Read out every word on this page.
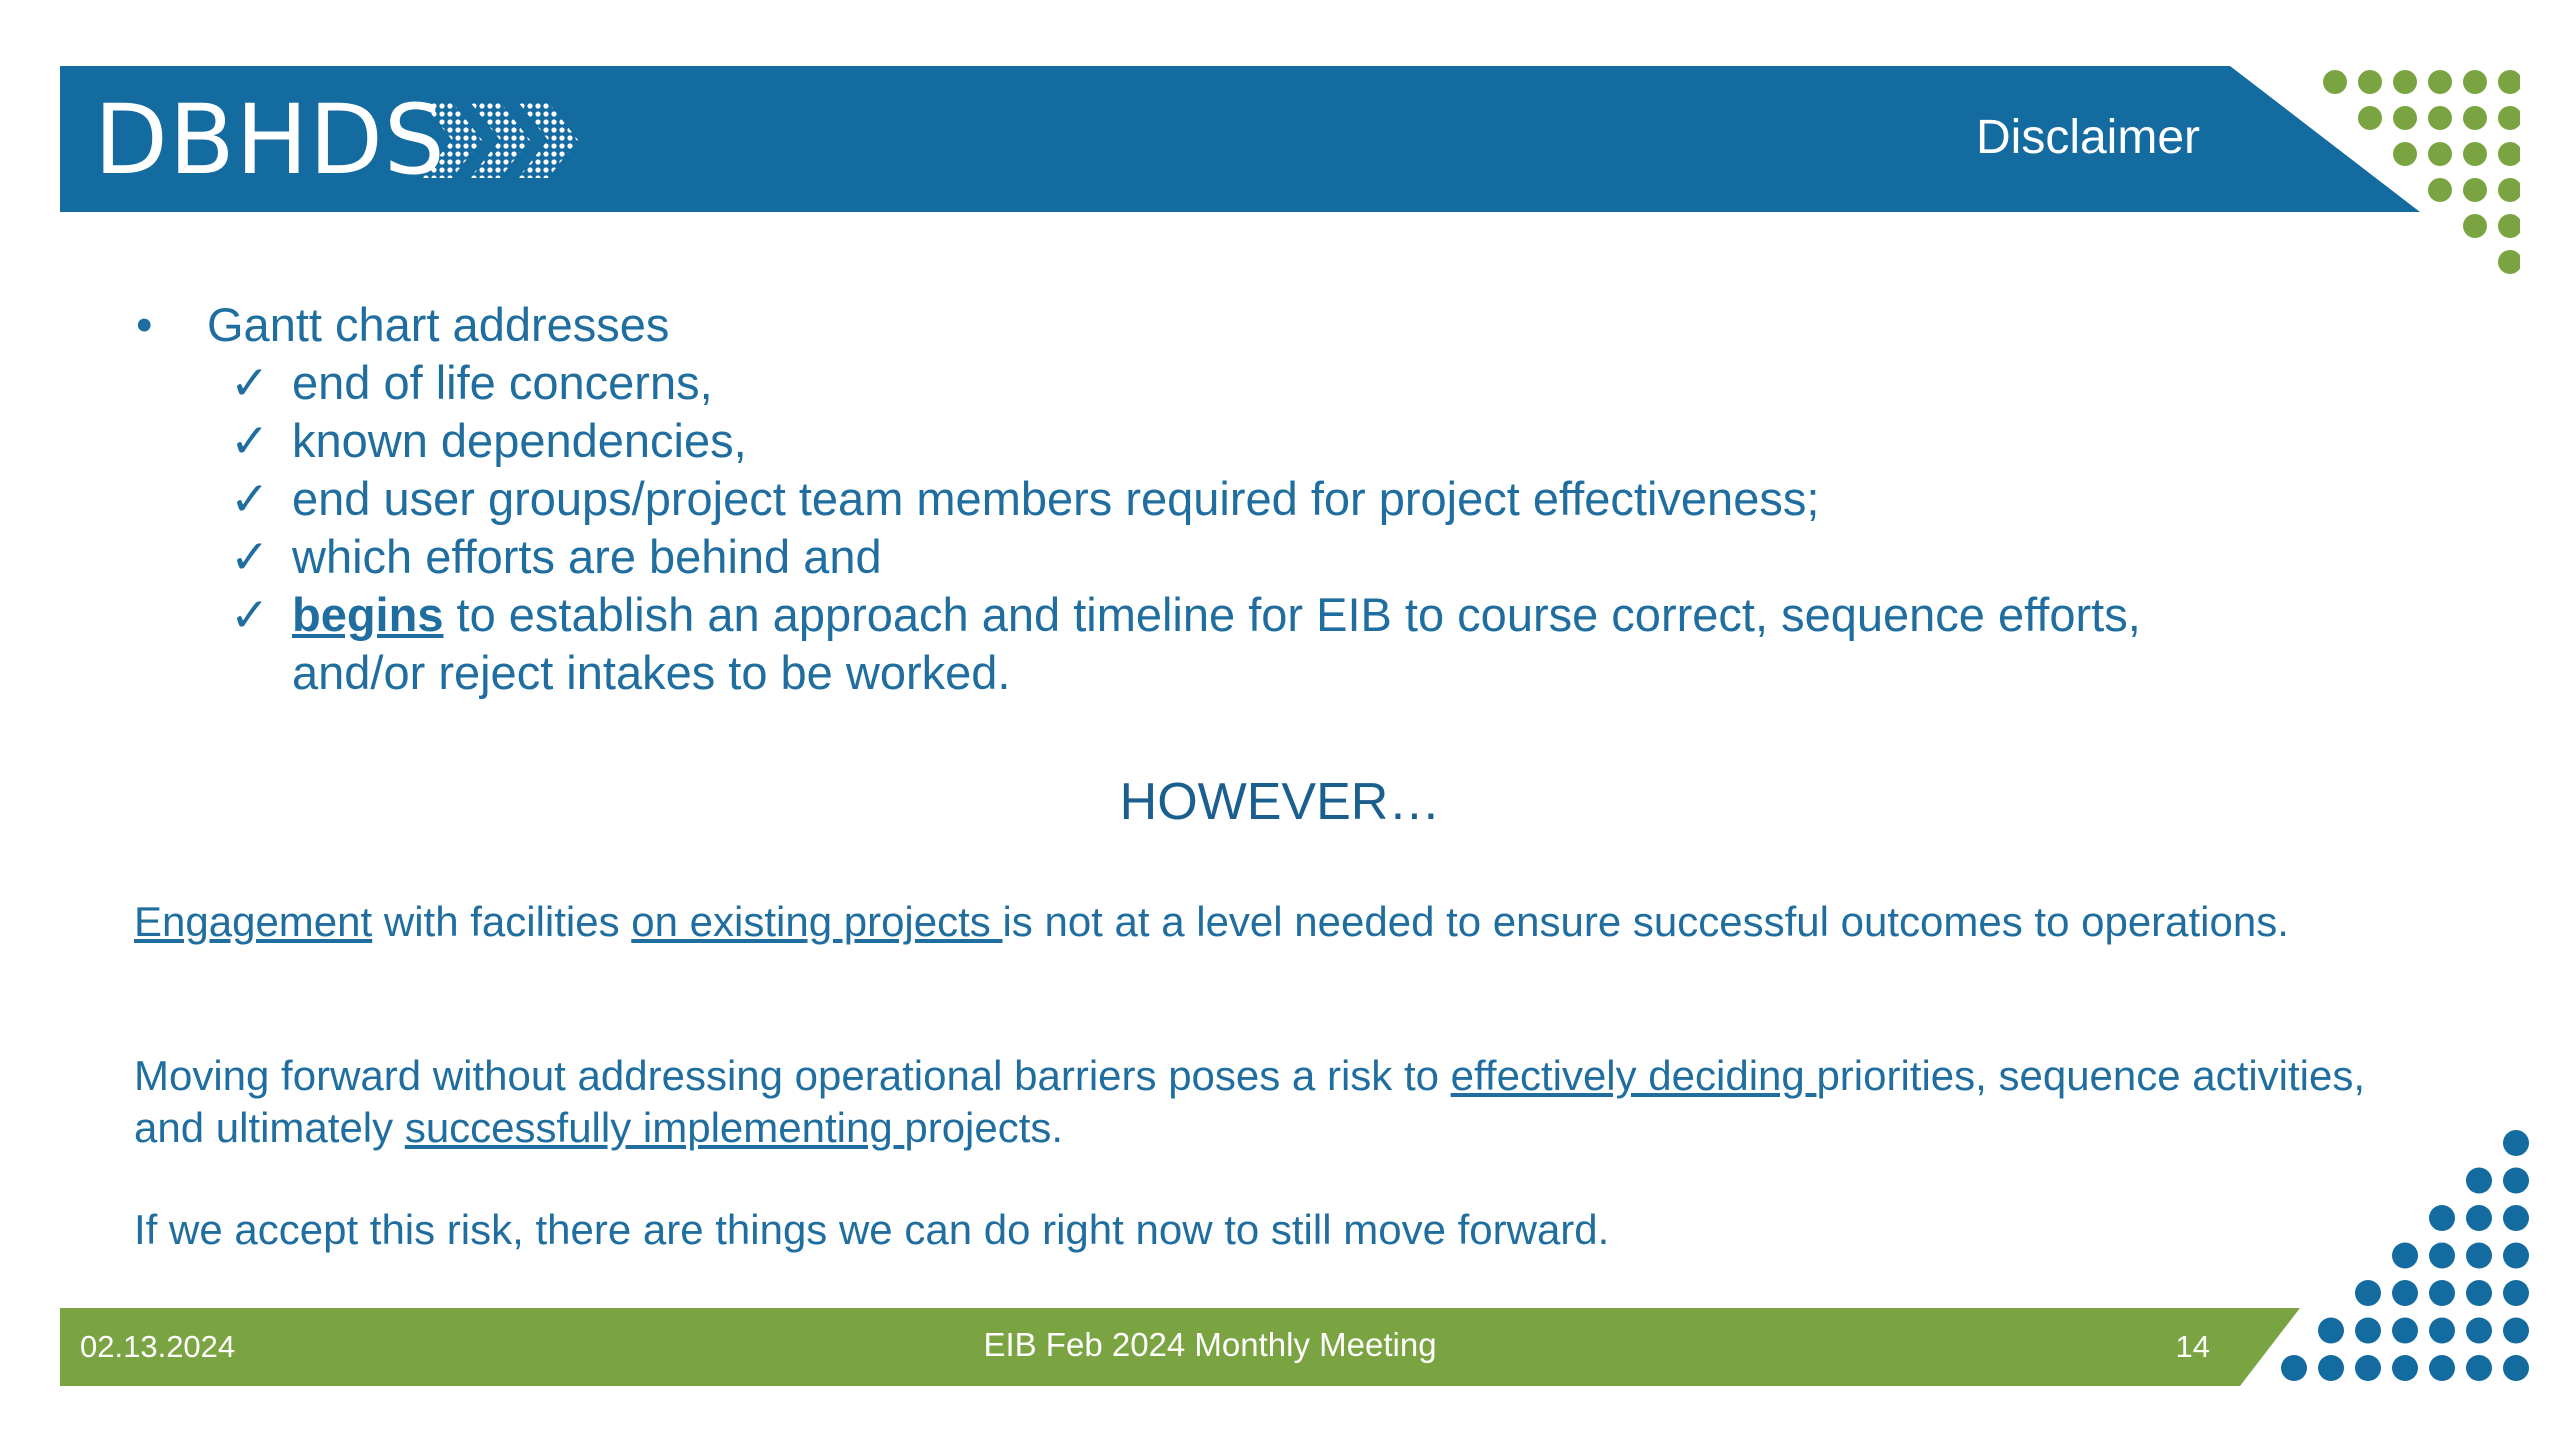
DBHDS	Disclaimer
• Gantt chart addresses
✓ end of life concerns,
✓ known dependencies,
✓ end user groups/project team members required for project effectiveness;
✓ which efforts are behind and
✓ begins to establish an approach and timeline for EIB to course correct, sequence efforts,
and/or reject intakes to be worked.
HOWEVER…
Engagement with facilities on existing projects is not at a level needed to ensure successful outcomes to operations.
Moving forward without addressing operational barriers poses a risk to effectively deciding priorities, sequence activities, and ultimately successfully implementing projects.
If we accept this risk, there are things we can do right now to still move forward.
02.13.2024	EIB Feb 2024 Monthly Meeting	14
